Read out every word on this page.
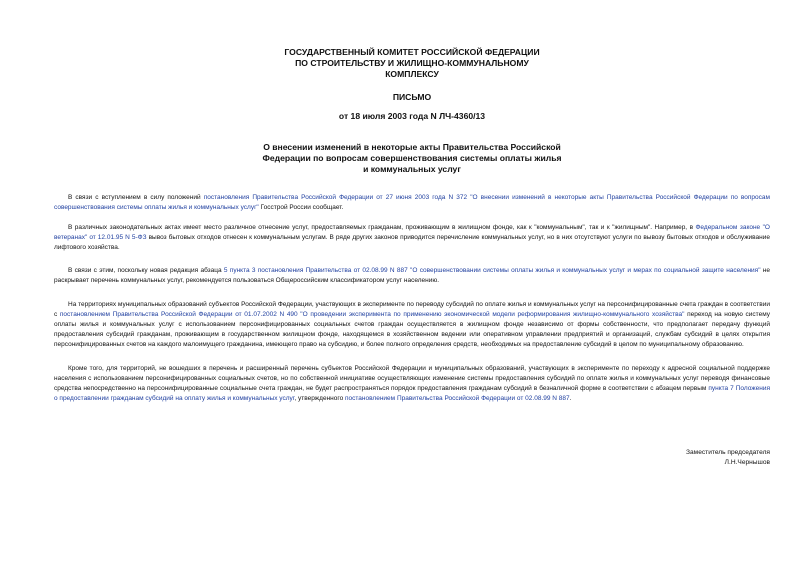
ГОСУДАРСТВЕННЫЙ КОМИТЕТ РОССИЙСКОЙ ФЕДЕРАЦИИ
ПО СТРОИТЕЛЬСТВУ И ЖИЛИЩНО-КОММУНАЛЬНОМУ
КОМПЛЕКСУ
ПИСЬМО
от 18 июля 2003 года N ЛЧ-4360/13
О внесении изменений в некоторые акты Правительства Российской
Федерации по вопросам совершенствования системы оплаты жилья
и коммунальных услуг

В связи с вступлением в силу положений постановления Правительства Российской Федерации от 27 июня 2003 года N 372 "О внесении изменений в некоторые акты Правительства Российской Федерации по вопросам совершенствования системы оплаты жилья и коммунальных услуг" Госстрой России сообщает.

В различных законодательных актах имеет место различное отнесение услуг, предоставляемых гражданам, проживающим в жилищном фонде, как к "коммунальным", так и к "жилищным". Например, в Федеральном законе "О ветеранах" от 12.01.95 N 5-ФЗ вывоз бытовых отходов отнесен к коммунальным услугам. В ряде других законов приводится перечисление коммунальных услуг, но в них отсутствуют услуги по вывозу бытовых отходов и обслуживание лифтового хозяйства.

В связи с этим, поскольку новая редакция абзаца 5 пункта 3 постановления Правительства от 02.08.99 N 887 "О совершенствовании системы оплаты жилья и коммунальных услуг и мерах по социальной защите населения" не раскрывает перечень коммунальных услуг, рекомендуется пользоваться Общероссийским классификатором услуг населению.

На территориях муниципальных образований субъектов Российской Федерации, участвующих в эксперименте по переводу субсидий по оплате жилья и коммунальных услуг на персонифицированные счета граждан в соответствии с постановлением Правительства Российской Федерации от 01.07.2002 N 490 "О проведении эксперимента по применению экономической модели реформирования жилищно-коммунального хозяйства" переход на новую систему оплаты жилья и коммунальных услуг с использованием персонифицированных социальных счетов граждан осуществляется в жилищном фонде независимо от формы собственности, что предполагает передачу функций предоставления субсидий гражданам, проживающим в государственном жилищном фонде, находящемся в хозяйственном ведении или оперативном управлении предприятий и организаций, службам субсидий в целях открытия персонифицированных счетов на каждого малоимущего гражданина, имеющего право на субсидию, и более полного определения средств, необходимых на предоставление субсидий в целом по муниципальному образованию.

Кроме того, для территорий, не вошедших в перечень и расширенный перечень субъектов Российской Федерации и муниципальных образований, участвующих в эксперименте по переходу к адресной социальной поддержке населения с использованием персонифицированных социальных счетов, но по собственной инициативе осуществляющих изменение системы предоставления субсидий по оплате жилья и коммунальных услуг переводя финансовые средства непосредственно на персонифицированные социальные счета граждан, не будет распространяться порядок предоставления гражданам субсидий в безналичной форме в соответствии с абзацем первым пункта 7 Положения о предоставлении гражданам субсидий на оплату жилья и коммунальных услуг, утвержденного постановлением Правительства Российской Федерации от 02.08.99 N 887.

Заместитель председателя
Л.Н.Чернышов
